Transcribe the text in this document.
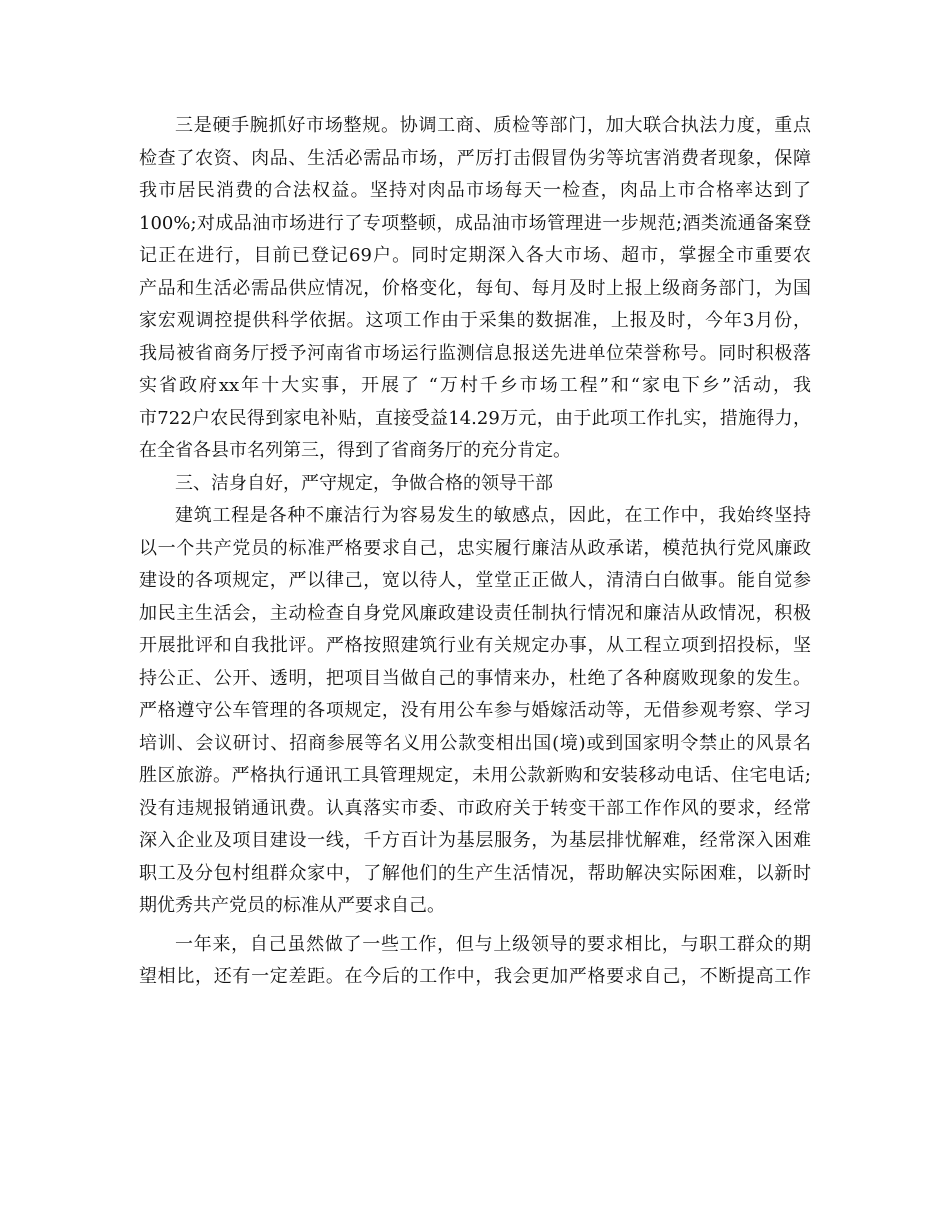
三是硬手腕抓好市场整规。协调工商、质检等部门，加大联合执法力度，重点
检查了农资、肉品、生活必需品市场，严厉打击假冒伪劣等坑害消费者现象，保障
我市居民消费的合法权益。坚持对肉品市场每天一检查，肉品上市合格率达到了
100%;对成品油市场进行了专项整顿，成品油市场管理进一步规范;酒类流通备案登
记正在进行，目前已登记69户。同时定期深入各大市场、超市，掌握全市重要农
产品和生活必需品供应情况，价格变化，每旬、每月及时上报上级商务部门，为国
家宏观调控提供科学依据。这项工作由于采集的数据准，上报及时，今年3月份，
我局被省商务厅授予河南省市场运行监测信息报送先进单位荣誉称号。同时积极落
实省政府xx年十大实事，开展了 “万村千乡市场工程”和“家电下乡”活动，我
市722户农民得到家电补贴，直接受益14.29万元，由于此项工作扎实，措施得力，
在全省各县市名列第三，得到了省商务厅的充分肯定。
三、洁身自好，严守规定，争做合格的领导干部
建筑工程是各种不廉洁行为容易发生的敏感点，因此，在工作中，我始终坚持
以一个共产党员的标准严格要求自己，忠实履行廉洁从政承诺，模范执行党风廉政
建设的各项规定，严以律己，宽以待人，堂堂正正做人，清清白白做事。能自觉参
加民主生活会，主动检查自身党风廉政建设责任制执行情况和廉洁从政情况，积极
开展批评和自我批评。严格按照建筑行业有关规定办事，从工程立项到招投标，坚
持公正、公开、透明，把项目当做自己的事情来办，杜绝了各种腐败现象的发生。
严格遵守公车管理的各项规定，没有用公车参与婚嫁活动等，无借参观考察、学习
培训、会议研讨、招商参展等名义用公款变相出国(境)或到国家明令禁止的风景名
胜区旅游。严格执行通讯工具管理规定，未用公款新购和安装移动电话、住宅电话;
没有违规报销通讯费。认真落实市委、市政府关于转变干部工作作风的要求，经常
深入企业及项目建设一线，千方百计为基层服务，为基层排忧解难，经常深入困难
职工及分包村组群众家中，了解他们的生产生活情况，帮助解决实际困难，以新时
期优秀共产党员的标准从严要求自己。
一年来，自己虽然做了一些工作，但与上级领导的要求相比，与职工群众的期
望相比，还有一定差距。在今后的工作中，我会更加严格要求自己，不断提高工作
